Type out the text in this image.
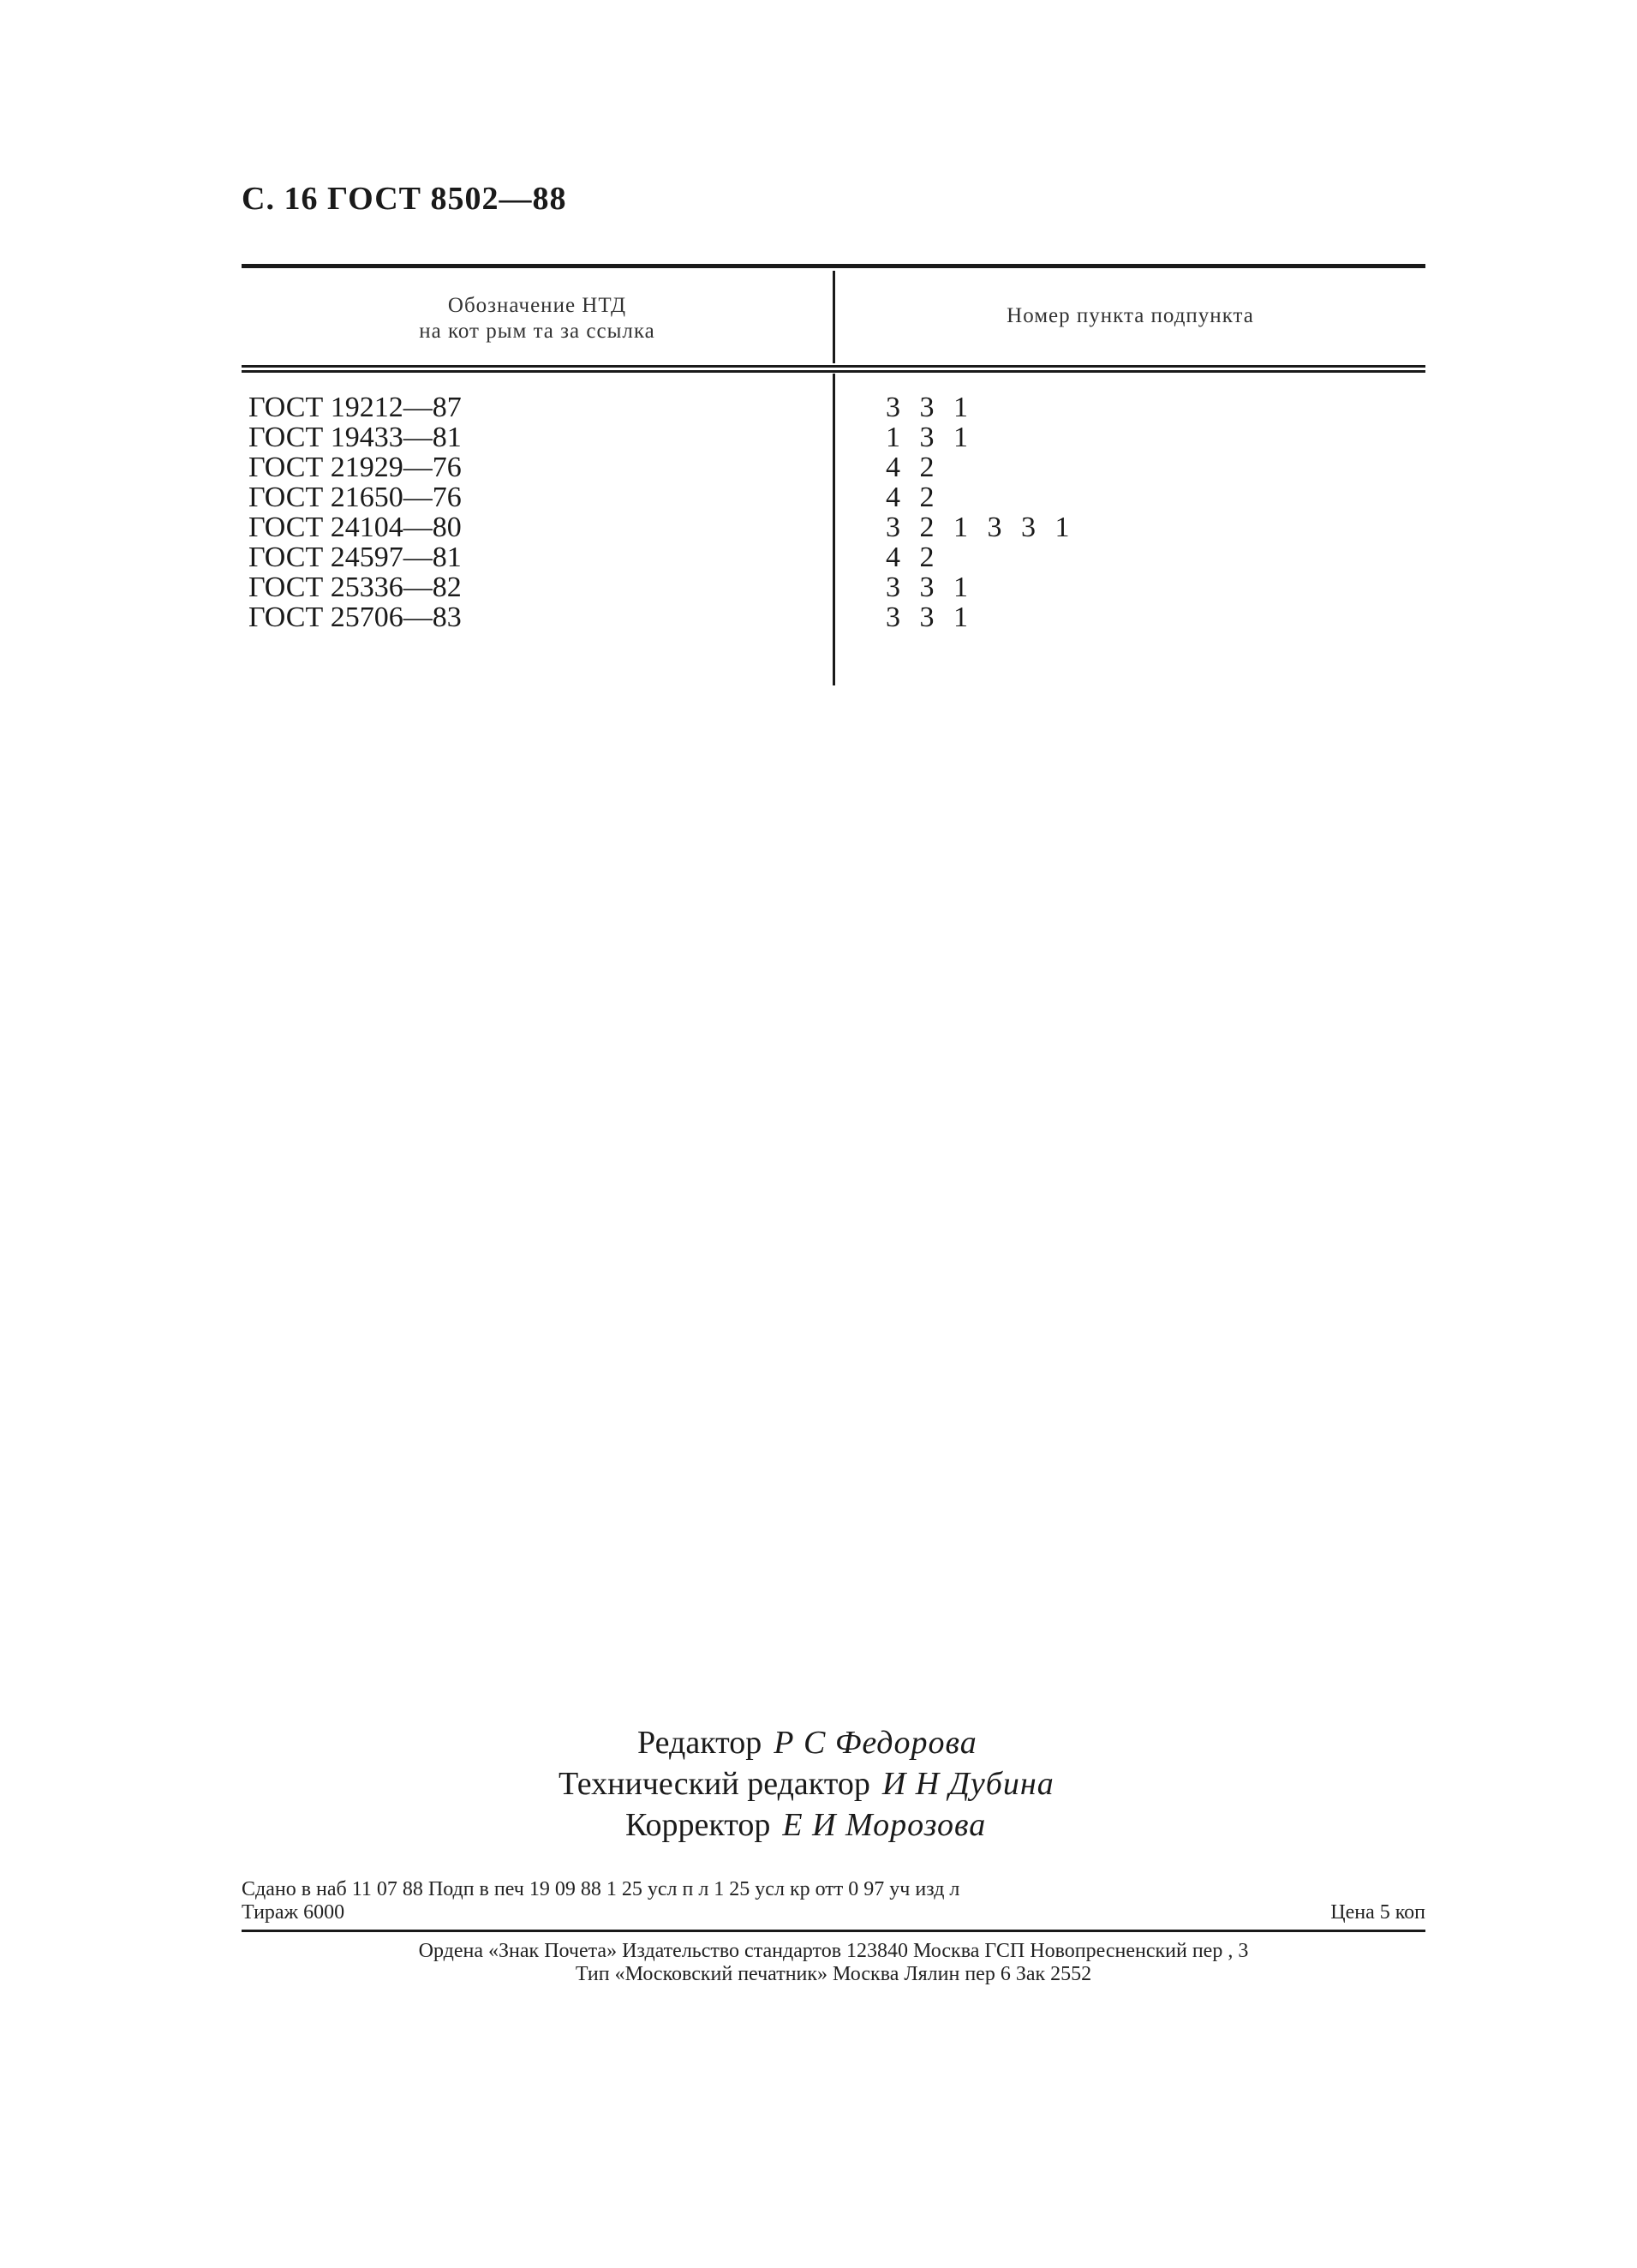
С. 16 ГОСТ 8502—88
Обозначение НТД
на кот рым та за ссылка
Номер пункта подпункта
ГОСТ 19212—87	3 3 1
ГОСТ 19433—81	1 3 1
ГОСТ 21929—76	4 2
ГОСТ 21650—76	4 2
ГОСТ 24104—80	3 2 1 3 3 1
ГОСТ 24597—81	4 2
ГОСТ 25336—82	3 3 1
ГОСТ 25706—83	3 3 1
Редактор Р С Федорова
Технический редактор И Н Дубина
Корректор Е И Морозова
Сдано в наб 11 07 88 Подп в печ 19 09 88 1 25 усл п л 1 25 усл кр отт 0 97 уч изд л
Тираж 6000	Цена 5 коп
Ордена «Знак Почета» Издательство стандартов 123840 Москва ГСП Новопресненский пер , 3
Тип «Московский печатник» Москва Лялин пер 6 Зак 2552
